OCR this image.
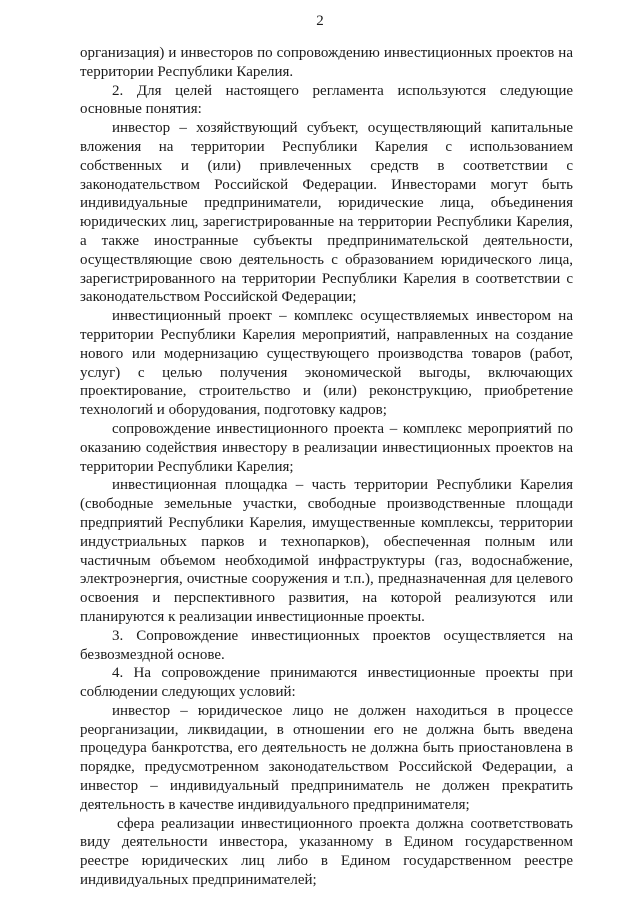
2

организация) и инвесторов по сопровождению инвестиционных проектов на территории Республики Карелия.

2. Для целей настоящего регламента используются следующие основные понятия:

инвестор – хозяйствующий субъект, осуществляющий капитальные вложения на территории Республики Карелия с использованием собственных и (или) привлеченных средств в соответствии с законодательством Российской Федерации. Инвесторами могут быть индивидуальные предприниматели, юридические лица, объединения юридических лиц, зарегистрированные на территории Республики Карелия, а также иностранные субъекты предпринимательской деятельности, осуществляющие свою деятельность с образованием юридического лица, зарегистрированного на территории Республики Карелия в соответствии с законодательством Российской Федерации;

инвестиционный проект – комплекс осуществляемых инвестором на территории Республики Карелия мероприятий, направленных на создание нового или модернизацию существующего производства товаров (работ, услуг) с целью получения экономической выгоды, включающих проектирование, строительство и (или) реконструкцию, приобретение технологий и оборудования, подготовку кадров;

сопровождение инвестиционного проекта – комплекс мероприятий по оказанию содействия инвестору в реализации инвестиционных проектов на территории Республики Карелия;

инвестиционная площадка – часть территории Республики Карелия (свободные земельные участки, свободные производственные площади предприятий Республики Карелия, имущественные комплексы, территории индустриальных парков и технопарков), обеспеченная полным или частичным объемом необходимой инфраструктуры (газ, водоснабжение, электроэнергия, очистные сооружения и т.п.), предназначенная для целевого освоения и перспективного развития, на которой реализуются или планируются к реализации инвестиционные проекты.

3. Сопровождение инвестиционных проектов осуществляется на безвозмездной основе.

4. На сопровождение принимаются инвестиционные проекты при соблюдении следующих условий:

инвестор – юридическое лицо не должен находиться в процессе реорганизации, ликвидации, в отношении его не должна быть введена процедура банкротства, его деятельность не должна быть приостановлена в порядке, предусмотренном законодательством Российской Федерации, а инвестор – индивидуальный предприниматель не должен прекратить деятельность в качестве индивидуального предпринимателя;

сфера реализации инвестиционного проекта должна соответствовать виду деятельности инвестора, указанному в Едином государственном реестре юридических лиц либо в Едином государственном реестре индивидуальных предпринимателей;
